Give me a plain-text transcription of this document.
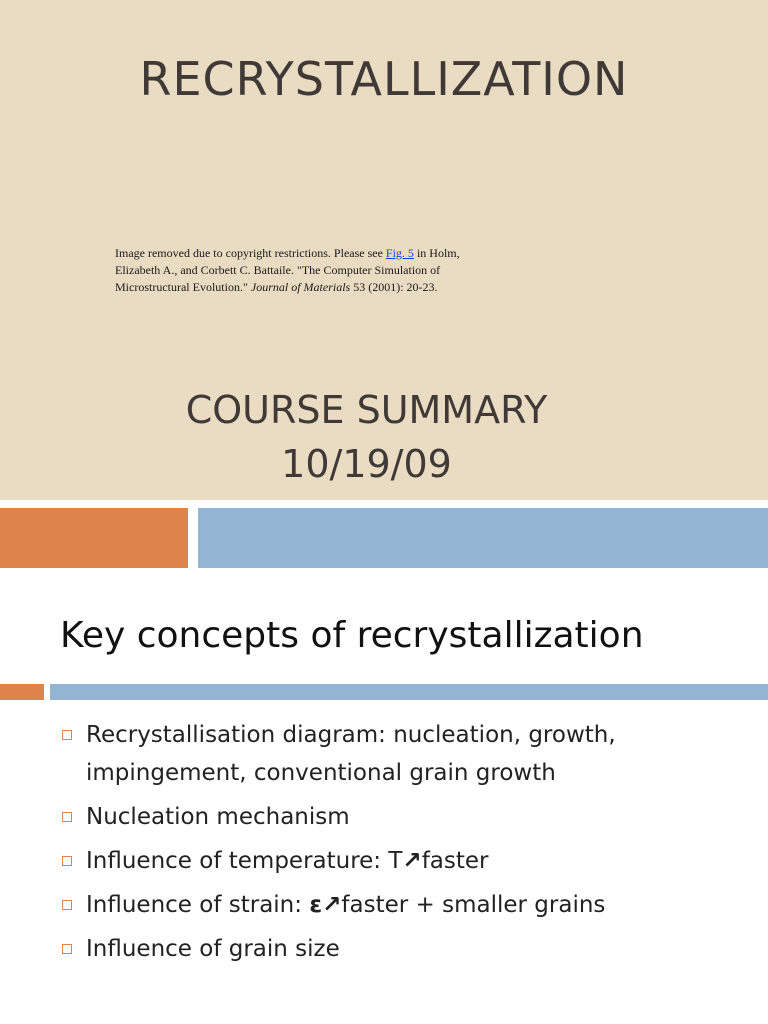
RECRYSTALLIZATION
Image removed due to copyright restrictions. Please see Fig. 5 in Holm, Elizabeth A., and Corbett C. Battaile. "The Computer Simulation of Microstructural Evolution." Journal of Materials 53 (2001): 20-23.
COURSE SUMMARY
10/19/09
Key concepts of recrystallization
Recrystallisation diagram: nucleation, growth,
impingement, conventional grain growth
Nucleation mechanism
Influence of temperature: T↗faster
Influence of strain: ε↗faster + smaller grains
Influence of grain size
